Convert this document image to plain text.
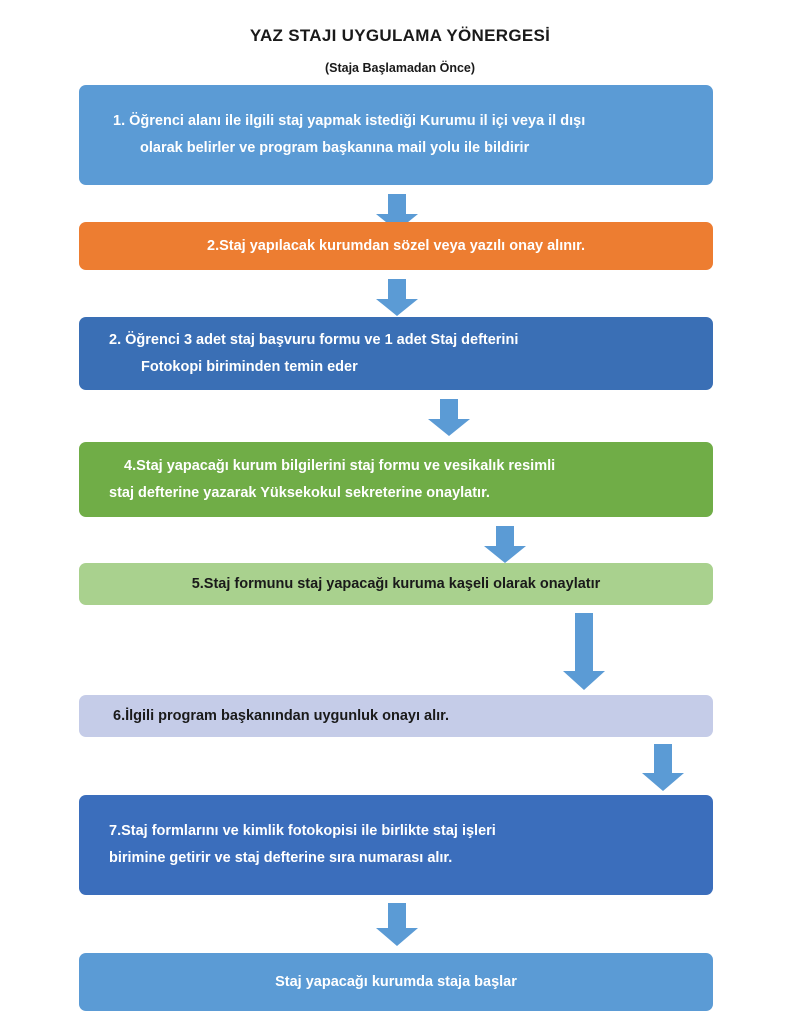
YAZ STAJI UYGULAMA YÖNERGESİ
(Staja Başlamadan Önce)
1. Öğrenci alanı ile ilgili staj yapmak istediği Kurumu il içi veya il dışı
olarak belirler ve program başkanına mail yolu ile bildirir
2.Staj yapılacak kurumdan sözel veya yazılı onay alınır.
2. Öğrenci 3 adet staj başvuru formu ve 1 adet Staj defterini
Fotokopi biriminden temin eder
4.Staj yapacağı kurum bilgilerini staj formu ve vesikalık resimli
staj defterine yazarak Yüksekokul sekreterine onaylatır.
5.Staj formunu staj yapacağı kuruma kaşeli olarak onaylatır
6.İlgili program başkanından uygunluk onayı alır.
7.Staj formlarını ve kimlik fotokopisi ile birlikte staj işleri
birimine getirir ve staj defterine sıra numarası alır.
Staj yapacağı kurumda staja başlar
